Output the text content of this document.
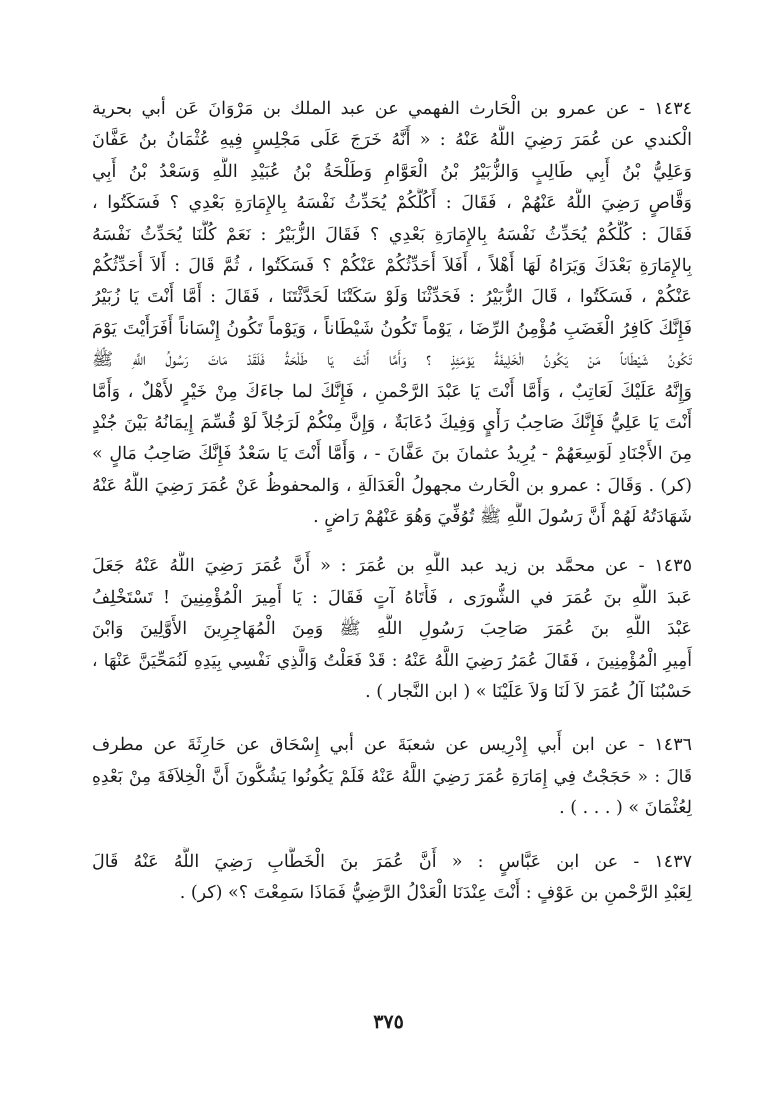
١٤٣٤ - عن عمرو بن الْحَارث الفهمي عن عبد الملك بن مَرْوَانَ عَن أبي بحرية
الْكندي عن عُمَرَ رَضِيَ اللَّهُ عَنْهُ : « أَنَّهُ خَرَجَ عَلَى مَجْلِسٍ فِيهِ عُثْمَانُ بنُ عَفَّانَ
وَعَلِيُّ بْنُ أَبِي طَالِبٍ وَالزُّبَيْرُ بْنُ الْعَوَّامِ وَطَلْحَةُ بْنُ عُبَيْدِ اللَّهِ وَسَعْدُ بْنُ أَبِي
وَقَّاصٍ رَضِيَ اللَّهُ عَنْهُمْ ، فَقَالَ : أَكُلُّكُمْ يُحَدِّثُ نَفْسَهُ بِالإِمَارَةِ بَعْدِي ؟ فَسَكَتُوا ،
فَقَالَ : كُلُّكُمْ يُحَدِّثُ نَفْسَهُ بِالإِمَارَةِ بَعْدِي ؟ فَقَالَ الزُّبَيْرُ : نَعَمْ كُلُّنَا يُحَدِّثُ نَفْسَهُ
بِالإِمَارَةِ بَعْدَكَ وَيَرَاهُ لَهَا أَهْلاً ، أَفَلاَ أُحَدِّثُكُمْ عَنْكُمْ ؟ فَسَكَتُوا ، ثُمَّ قَالَ : أَلاَ أُحَدِّثُكُمْ
عَنْكُمْ ، فَسَكَتُوا ، قَالَ الزُّبَيْرُ : فَحَدِّثْنَا وَلَوْ سَكَتْنَا لَحَدَّثْتَنَا ، فَقَالَ : أَمَّا أَنْتَ يَا زُبَيْرُ
فَإِنَّكَ كَافِرُ الْغَضَبِ مُؤْمِنُ الرِّضَا ، يَوْماً تَكُونُ شَيْطَاناً ، وَيَوْماً تَكُونُ إِنْسَاناً أَفَرَأَيْتَ يَوْمَ
تَكُونُ شَيْطَاناً مَنْ يَكُونُ الْخَلِيفَةُ يَوْمَئِذٍ ؟ وَأَمَّا أَنْتَ يَا طَلْحَةُ فَلَقَدْ مَاتَ رَسُولُ اللَّهِ ﷺ
وَإِنَّهُ عَلَيْكَ لَعَاتِبٌ ، وَأَمَّا أَنْتَ يَا عَبْدَ الرَّحْمنِ ، فَإِنَّكَ لما جاءَكَ مِنْ خَيْرٍ لأَهْلٌ ، وَأَمَّا
أَنْتَ يَا عَلِيُّ فَإِنَّكَ صَاحِبُ رَأْيٍ وَفِيكَ دُعَابَةٌ ، وَإِنَّ مِنْكُمْ لَرَجُلاً لَوْ قُسِّمَ إِيمَانُهُ بَيْنَ جُنْدٍ
مِنَ الأَجْنَادِ لَوَسِعَهُمْ - يُرِيدُ عثمانَ بنَ عَفَّانَ - ، وَأَمَّا أَنْتَ يَا سَعْدُ فَإِنَّكَ صَاحِبُ مَالٍ »
(كر) . وَقَالَ : عمرو بن الْحَارث مجهولُ الْعَدَالَةِ ، وَالمحفوظُ عَنْ عُمَرَ رَضِيَ اللَّهُ عَنْهُ
شَهَادَتُهُ لَهُمْ أَنَّ رَسُولَ اللَّهِ ﷺ تُوُفِّيَ وَهُوَ عَنْهُمْ رَاضٍ .
١٤٣٥ - عن محمَّد بن زيد عبد اللَّهِ بن عُمَرَ : « أَنَّ عُمَرَ رَضِيَ اللَّهُ عَنْهُ جَعَلَ
عَبدَ اللَّهِ بنَ عُمَرَ في الشُّورَى ، فَأَتَاهُ آتٍ فَقَالَ : يَا أَمِيرَ الْمُؤْمِنِينَ ! تَسْتَخْلِفُ
عَبْدَ اللَّهِ بنَ عُمَرَ صَاحِبَ رَسُولِ اللَّهِ ﷺ وَمِنَ الْمُهَاجِرِينَ الأَوَّلِينَ وَابْنَ
أَمِيرِ الْمُؤْمِنِينَ ، فَقَالَ عُمَرُ رَضِيَ اللَّهُ عَنْهُ : قَدْ فَعَلْتُ وَالَّذِي نَفْسِي بِيَدِهِ لَنُمَحِّيَنَّ عَنْهَا ،
حَسْبُنَا آلُ عُمَرَ لاَ لَنَا وَلاَ عَلَيْنَا » ( ابن النَّجار ) .
١٤٣٦ - عن ابن أَبي إِدْرِيس عن شعبَةَ عن أبي إِسْحَاق عن حَارِثَةَ عن مطرف
قَالَ : « حَجَجْتُ فِي إِمَارَةِ عُمَرَ رَضِيَ اللَّهُ عَنْهُ فَلَمْ يَكُونُوا يَشُكُّونَ أَنَّ الْخِلاَفَةَ مِنْ بَعْدِهِ
لِعُثْمَانَ » ( . . . ) .
١٤٣٧ - عن ابن عَبَّاسٍ : « أَنَّ عُمَرَ بنَ الْخَطَّابِ رَضِيَ اللَّهُ عَنْهُ قَالَ
لِعَبْدِ الرَّحْمنِ بن عَوْفٍ : أَنْتَ عِنْدَنَا الْعَدْلُ الرَّضِيُّ فَمَاذَا سَمِعْتَ ؟» (كر) .
٣٧٥
